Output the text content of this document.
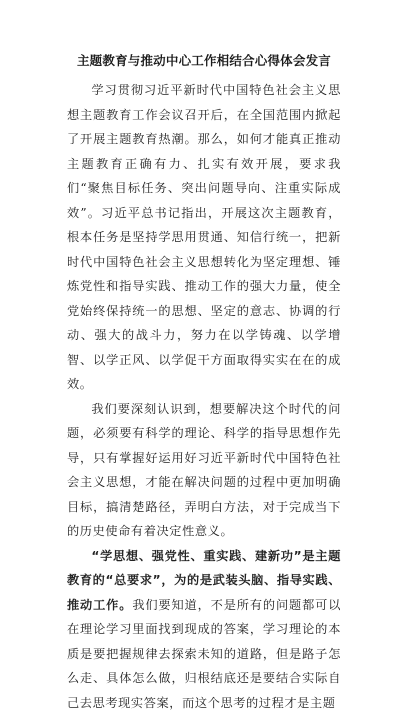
主题教育与推动中心工作相结合心得体会发言

学习贯彻习近平新时代中国特色社会主义思想主题教育工作会议召开后，在全国范围内掀起了开展主题教育热潮。那么，如何才能真正推动主题教育正确有力、扎实有效开展，要求我们“聚焦目标任务、突出问题导向、注重实际成效”。习近平总书记指出，开展这次主题教育，根本任务是坚持学思用贯通、知信行统一，把新时代中国特色社会主义思想转化为坚定理想、锤炼党性和指导实践、推动工作的强大力量，使全党始终保持统一的思想、坚定的意志、协调的行动、强大的战斗力，努力在以学铸魂、以学增智、以学正风、以学促干方面取得实实在在的成效。

我们要深刻认识到，想要解决这个时代的问题，必须要有科学的理论、科学的指导思想作先导，只有掌握好运用好习近平新时代中国特色社会主义思想，才能在解决问题的过程中更加明确目标，搞清楚路径，弄明白方法，对于完成当下的历史使命有着决定性意义。

“学思想、强党性、重实践、建新功”是主题教育的“总要求”，为的是武装头脑、指导实践、推动工作。我们要知道，不是所有的问题都可以在理论学习里面找到现成的答案，学习理论的本质是要把握规律去探索未知的道路，但是路子怎么走、具体怎么做，归根结底还是要结合实际自己去思考现实答案，而这个思考的过程才是主题
